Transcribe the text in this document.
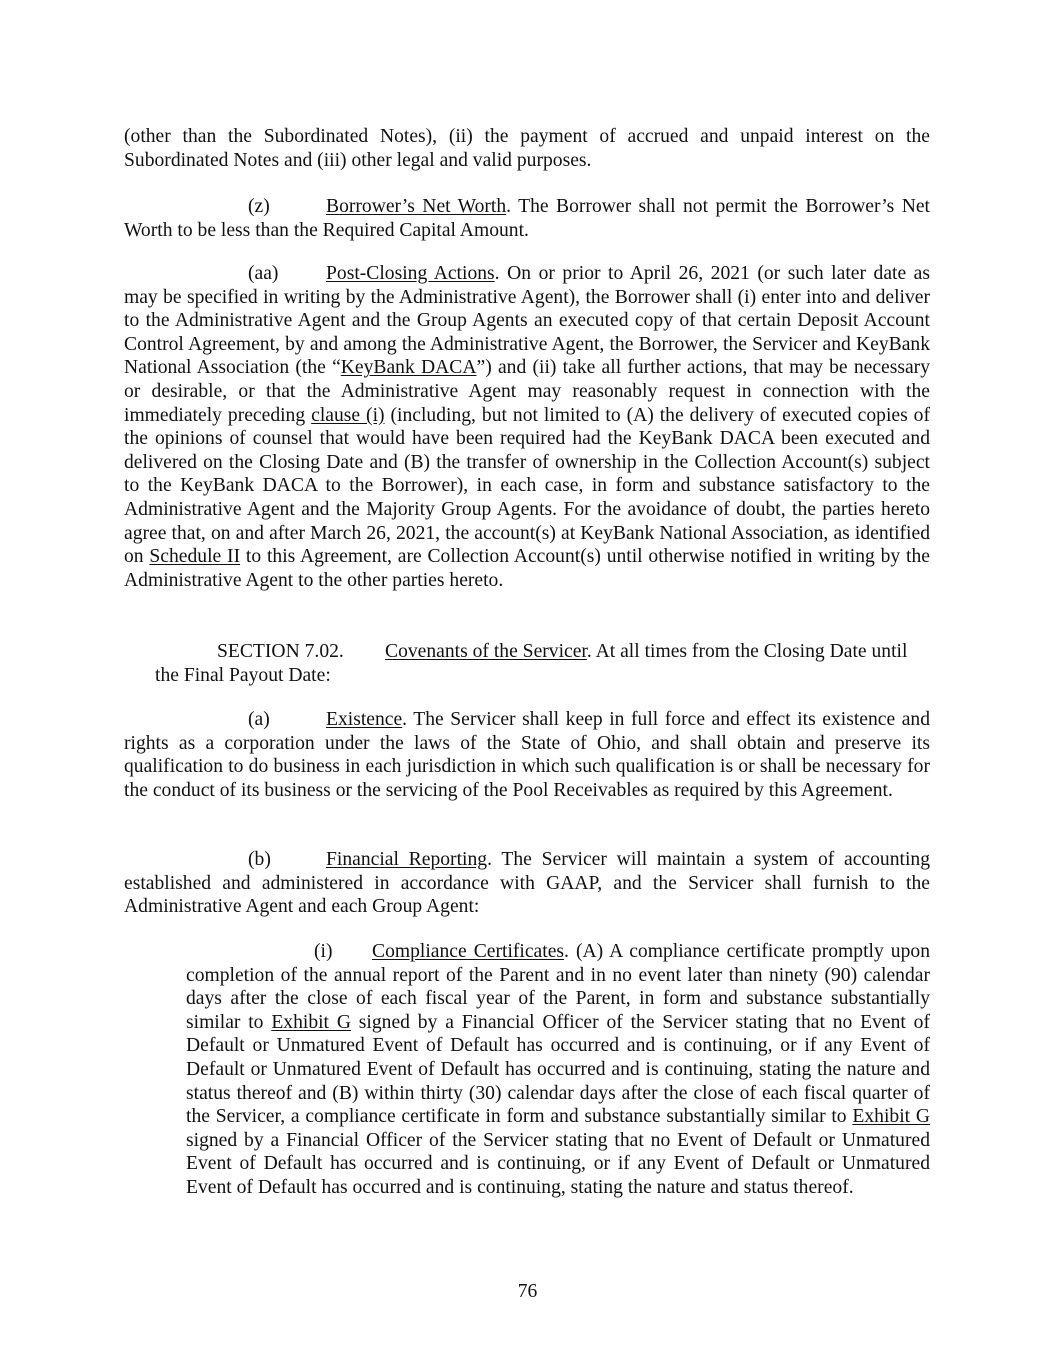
(other than the Subordinated Notes), (ii) the payment of accrued and unpaid interest on the Subordinated Notes and (iii) other legal and valid purposes.

(z)	Borrower’s Net Worth. The Borrower shall not permit the Borrower’s Net Worth to be less than the Required Capital Amount.

(aa) Post-Closing Actions. On or prior to April 26, 2021 (or such later date as may be specified in writing by the Administrative Agent), the Borrower shall (i) enter into and deliver to the Administrative Agent and the Group Agents an executed copy of that certain Deposit Account Control Agreement, by and among the Administrative Agent, the Borrower, the Servicer and KeyBank National Association (the “KeyBank DACA”) and (ii) take all further actions, that may be necessary or desirable, or that the Administrative Agent may reasonably request in connection with the immediately preceding clause (i) (including, but not limited to (A) the delivery of executed copies of the opinions of counsel that would have been required had the KeyBank DACA been executed and delivered on the Closing Date and (B) the transfer of ownership in the Collection Account(s) subject to the KeyBank DACA to the Borrower), in each case, in form and substance satisfactory to the Administrative Agent and the Majority Group Agents. For the avoidance of doubt, the parties hereto agree that, on and after March 26, 2021, the account(s) at KeyBank National Association, as identified on Schedule II to this Agreement, are Collection Account(s) until otherwise notified in writing by the Administrative Agent to the other parties hereto.

SECTION 7.02. Covenants of the Servicer. At all times from the Closing Date until
the Final Payout Date:

(a)	Existence. The Servicer shall keep in full force and effect its existence and rights as a corporation under the laws of the State of Ohio, and shall obtain and preserve its qualification to do business in each jurisdiction in which such qualification is or shall be necessary for the conduct of its business or the servicing of the Pool Receivables as required by this Agreement.

(b)	Financial Reporting. The Servicer will maintain a system of accounting established and administered in accordance with GAAP, and the Servicer shall furnish to the Administrative Agent and each Group Agent:

(i) Compliance Certificates. (A) A compliance certificate promptly upon completion of the annual report of the Parent and in no event later than ninety (90) calendar days after the close of each fiscal year of the Parent, in form and substance substantially similar to Exhibit G signed by a Financial Officer of the Servicer stating that no Event of Default or Unmatured Event of Default has occurred and is continuing, or if any Event of Default or Unmatured Event of Default has occurred and is continuing, stating the nature and status thereof and (B) within thirty (30) calendar days after the close of each fiscal quarter of the Servicer, a compliance certificate in form and substance substantially similar to Exhibit G signed by a Financial Officer of the Servicer stating that no Event of Default or Unmatured Event of Default has occurred and is continuing, or if any Event of Default or Unmatured Event of Default has occurred and is continuing, stating the nature and status thereof.

76
